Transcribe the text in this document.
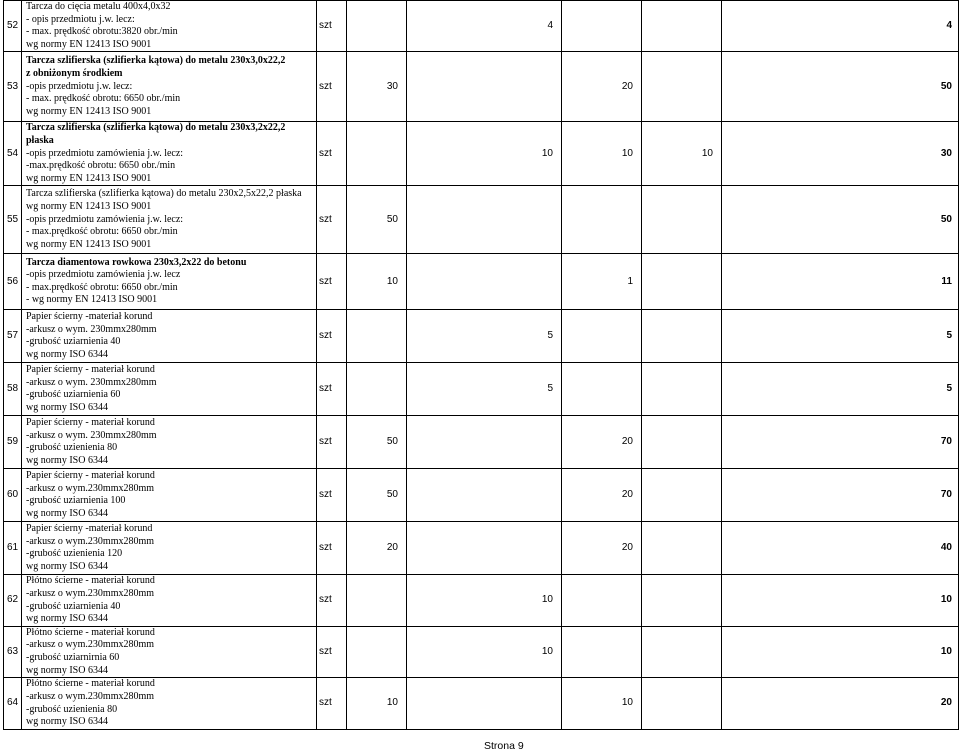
52	Tarcza do cięcia metalu 400x4,0x32
- opis przedmiotu j.w. lecz:
- max. prędkość obrotu:3820 obr./min
wg normy EN 12413 ISO 9001	szt		4			4
53	Tarcza szlifierska (szlifierka kątowa) do metalu 230x3,0x22,2
z obniżonym środkiem
-opis przedmiotu j.w. lecz:
- max. prędkość obrotu: 6650 obr./min
wg normy EN 12413 ISO 9001	szt	30		20		50
54	Tarcza szlifierska (szlifierka kątowa) do metalu 230x3,2x22,2
płaska
-opis przedmiotu zamówienia j.w. lecz:
-max.prędkość obrotu: 6650 obr./min
wg normy EN 12413 ISO 9001	szt		10	10	10	30
55	Tarcza szlifierska (szlifierka kątowa) do metalu 230x2,5x22,2 płaska
wg normy EN 12413 ISO 9001
-opis przedmiotu zamówienia j.w. lecz:
- max.prędkość obrotu: 6650 obr./min
wg normy EN 12413 ISO 9001	szt	50				50
56	Tarcza diamentowa rowkowa 230x3,2x22 do betonu
-opis przedmiotu zamówienia j.w. lecz
- max.prędkość obrotu: 6650 obr./min
- wg normy EN 12413 ISO 9001	szt	10		1		11
57	Papier ścierny -materiał korund
-arkusz o wym. 230mmx280mm
-grubość uziarnienia 40
wg normy ISO 6344	szt		5			5
58	Papier ścierny - materiał korund
-arkusz o wym. 230mmx280mm
-grubość uziarnienia 60
wg normy ISO 6344	szt		5			5
59	Papier ścierny - materiał korund
-arkusz o wym. 230mmx280mm
-grubość uzienienia 80
wg normy ISO 6344	szt	50		20		70
60	Papier ścierny - materiał korund
-arkusz o wym.230mmx280mm
-grubość uziarnienia 100
wg normy ISO 6344	szt	50		20		70
61	Papier ścierny -materiał korund
-arkusz o wym.230mmx280mm
-grubość uzienienia 120
wg normy ISO 6344	szt	20		20		40
62	Płótno ścierne - materiał korund
-arkusz o wym.230mmx280mm
-grubość uziarnienia 40
wg normy ISO 6344	szt		10			10
63	Płótno ścierne - materiał korund
-arkusz o wym.230mmx280mm
-grubość uziarnirnia 60
wg normy ISO 6344	szt		10			10
64	Płótno ścierne - materiał korund
-arkusz o wym.230mmx280mm
-grubość uzienienia 80
wg normy ISO 6344	szt	10		10		20
Strona 9
